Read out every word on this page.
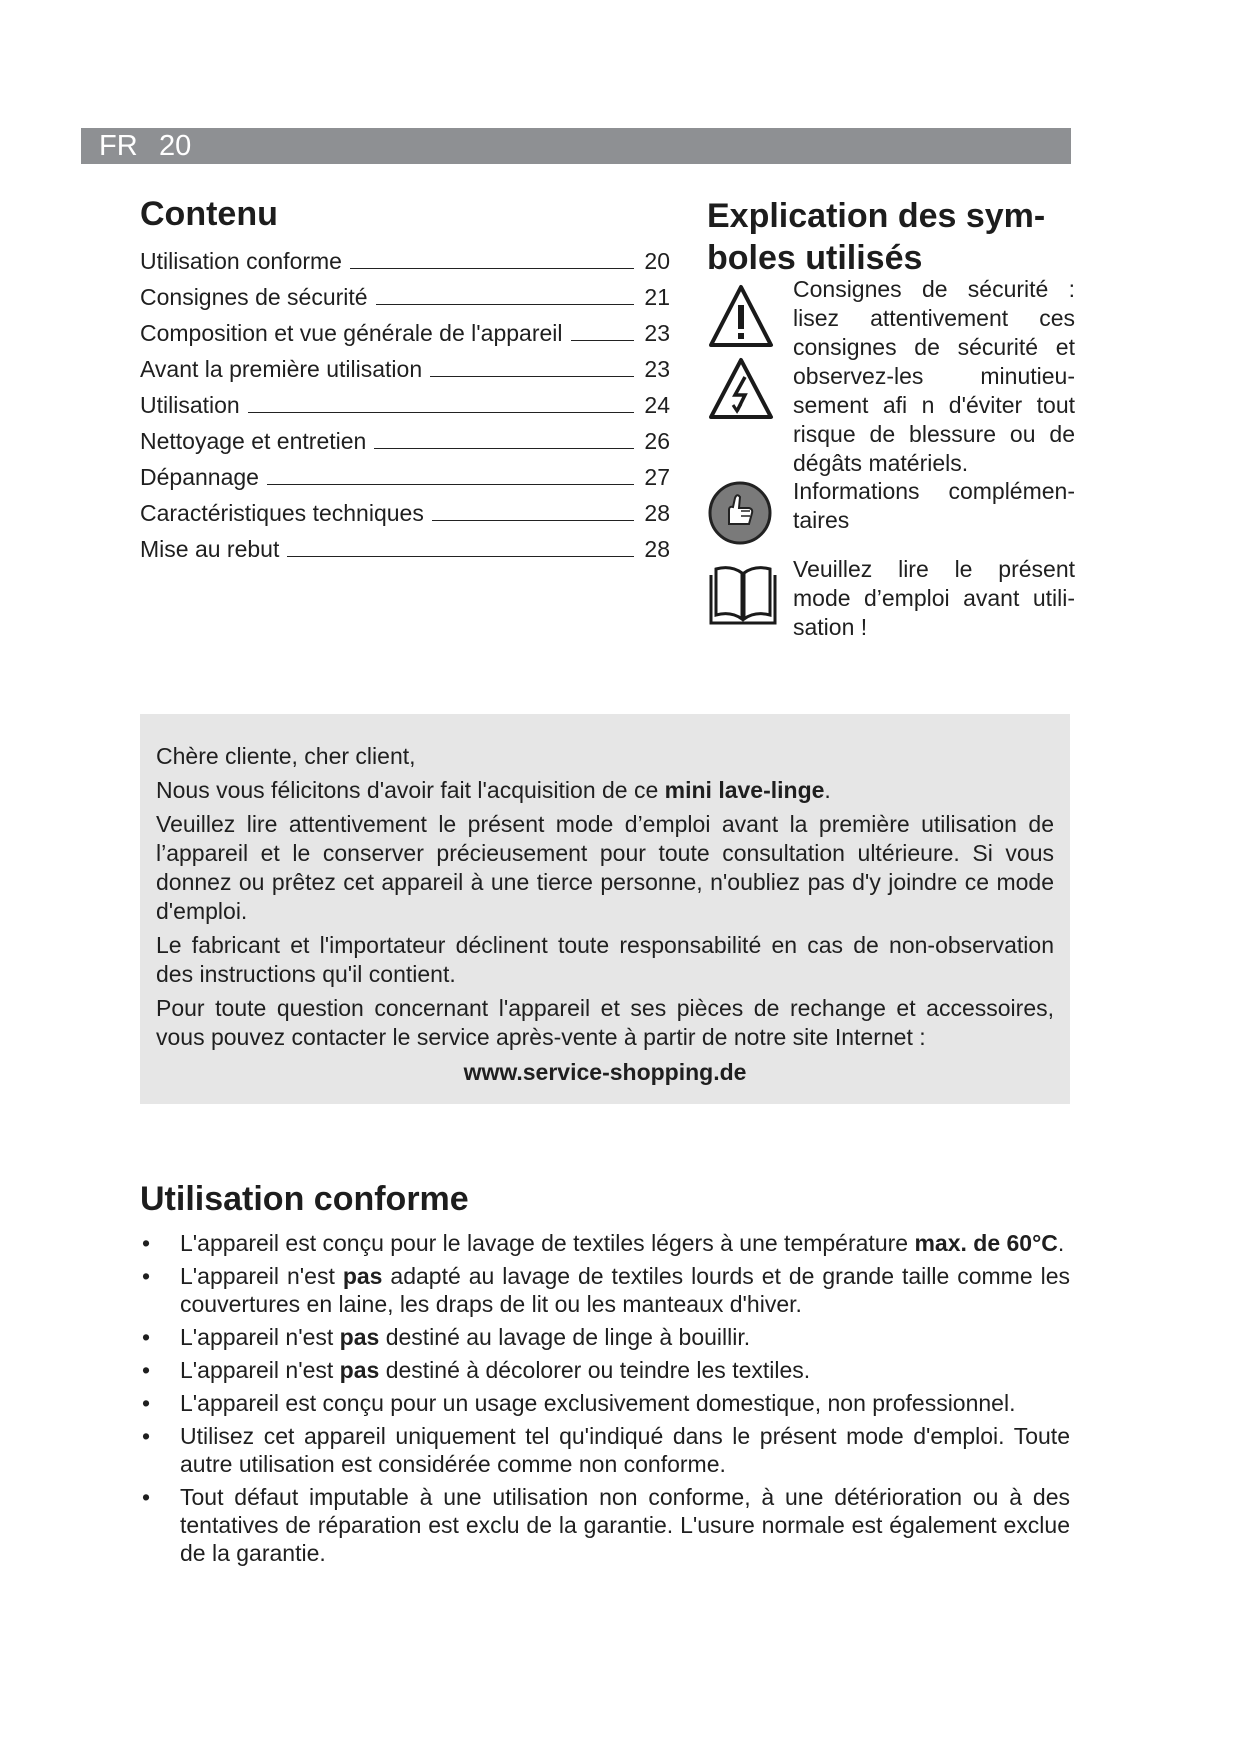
FR 20
Contenu
Utilisation conforme	20
Consignes de sécurité	21
Composition et vue générale de l'appareil	23
Avant la première utilisation	23
Utilisation	24
Nettoyage et entretien	26
Dépannage	27
Caractéristiques techniques	28
Mise au rebut	28
Explication des sym-
boles utilisés
Consignes de sécurité : lisez attentivement ces consignes de sécurité et observez-les minutieu-sement afi n d'éviter tout risque de blessure ou de dégâts matériels.
Informations complémen-taires
Veuillez lire le présent mode d’emploi avant utili-sation !

Chère cliente, cher client,

Nous vous félicitons d'avoir fait l'acquisition de ce mini lave-linge.

Veuillez lire attentivement le présent mode d’emploi avant la première utilisation de l’appareil et le conserver précieusement pour toute consultation ultérieure. Si vous donnez ou prêtez cet appareil à une tierce personne, n'oubliez pas d'y joindre ce mode d'emploi.

Le fabricant et l'importateur déclinent toute responsabilité en cas de non-observation des instructions qu'il contient.

Pour toute question concernant l'appareil et ses pièces de rechange et accessoires, vous pouvez contacter le service après-vente à partir de notre site Internet :

www.service-shopping.de

Utilisation conforme
• L'appareil est conçu pour le lavage de textiles légers à une température max. de 60°C.
• L'appareil n'est pas adapté au lavage de textiles lourds et de grande taille comme les couvertures en laine, les draps de lit ou les manteaux d'hiver.
• L'appareil n'est pas destiné au lavage de linge à bouillir.
• L'appareil n'est pas destiné à décolorer ou teindre les textiles.
• L'appareil est conçu pour un usage exclusivement domestique, non professionnel.
• Utilisez cet appareil uniquement tel qu'indiqué dans le présent mode d'emploi. Toute autre utilisation est considérée comme non conforme.
• Tout défaut imputable à une utilisation non conforme, à une détérioration ou à des tentatives de réparation est exclu de la garantie. L'usure normale est également exclue de la garantie.
